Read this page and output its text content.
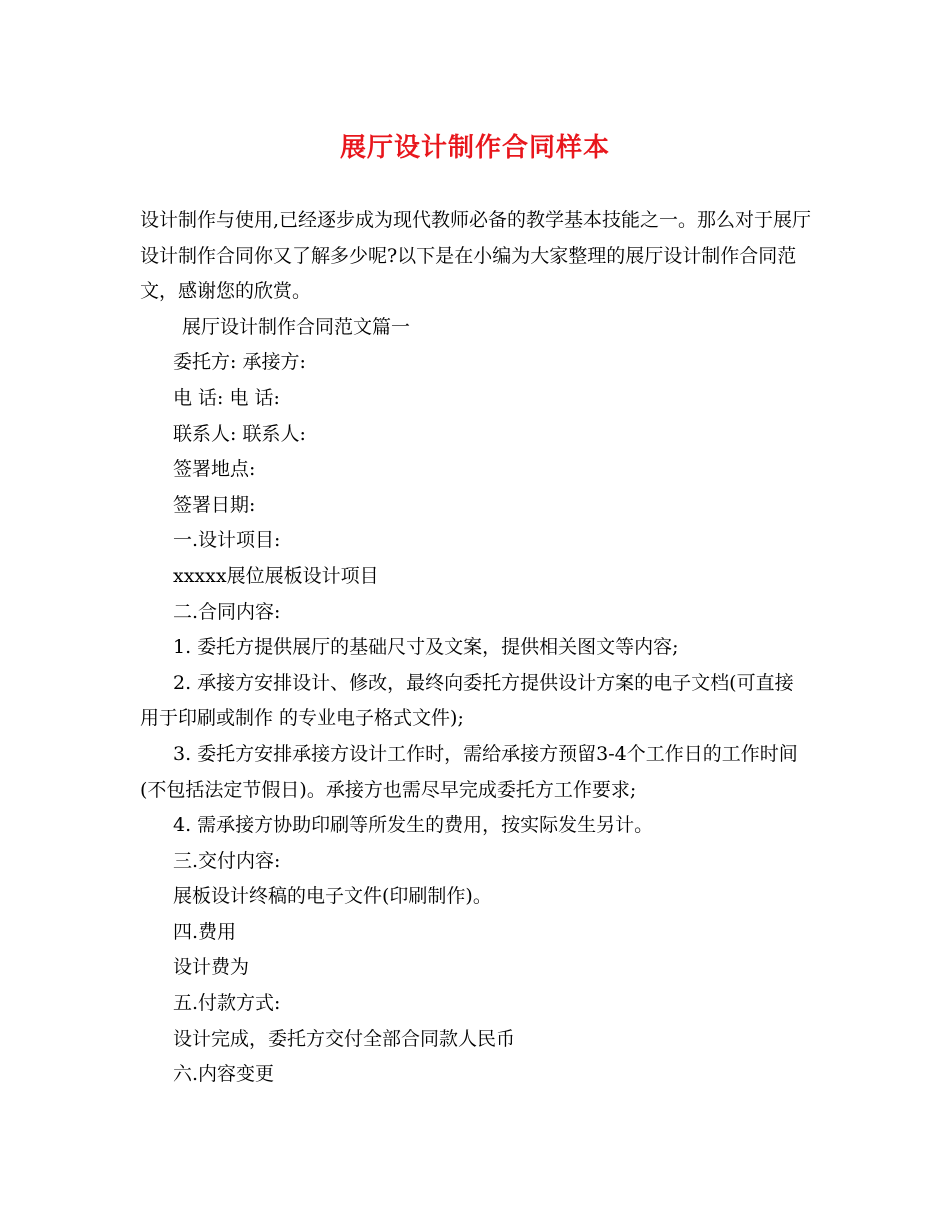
展厅设计制作合同样本

设计制作与使用,已经逐步成为现代教师必备的教学基本技能之一。那么对于展厅设计制作合同你又了解多少呢?以下是在小编为大家整理的展厅设计制作合同范文，感谢您的欣赏。

展厅设计制作合同范文篇一

委托方: 承接方:

电 话: 电 话:

联系人: 联系人:

签署地点:

签署日期:

一.设计项目:

xxxxx展位展板设计项目

二.合同内容:

1. 委托方提供展厅的基础尺寸及文案，提供相关图文等内容;

2. 承接方安排设计、修改，最终向委托方提供设计方案的电子文档(可直接用于印刷或制作 的专业电子格式文件);

3. 委托方安排承接方设计工作时，需给承接方预留3-4个工作日的工作时间(不包括法定节假日)。承接方也需尽早完成委托方工作要求;

4. 需承接方协助印刷等所发生的费用，按实际发生另计。

三.交付内容:

展板设计终稿的电子文件(印刷制作)。

四.费用

设计费为

五.付款方式:

设计完成，委托方交付全部合同款人民币

六.内容变更
